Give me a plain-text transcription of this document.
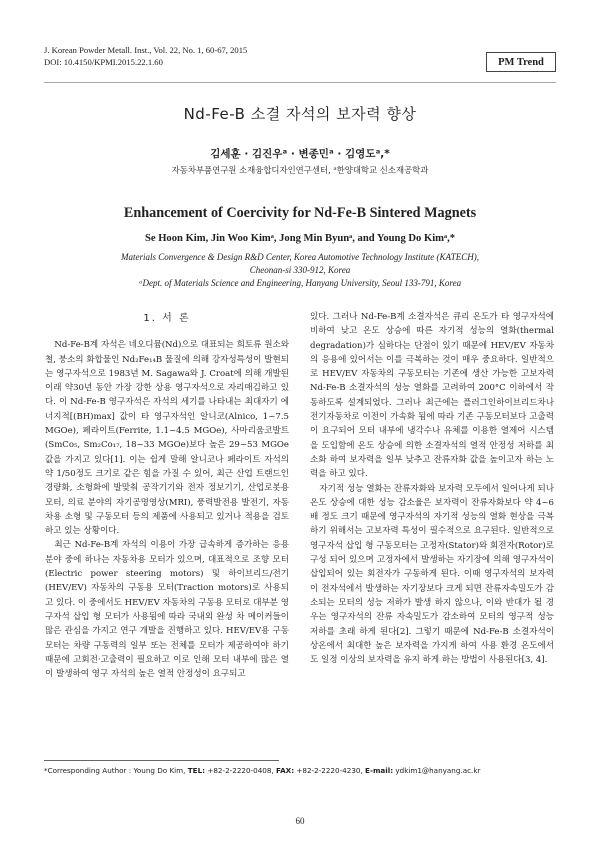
J. Korean Powder Metall. Inst., Vol. 22, No. 1, 60-67, 2015
DOI: 10.4150/KPMI.2015.22.1.60	PM Trend
Nd-Fe-B 소결 자석의 보자력 향상
김세훈 · 김진우ᵃ · 변종민ᵃ · 김영도ᵃ,*
자동차부품연구원 소재융합디자인연구센터, ᵃ한양대학교 신소재공학과
Enhancement of Coercivity for Nd-Fe-B Sintered Magnets
Se Hoon Kim, Jin Woo Kimᵃ, Jong Min Byunᵃ, and Young Do Kimᵃ,*
Materials Convergence & Design R&D Center, Korea Automotive Technology Institute (KATECH),
Cheonan-si 330-912, Korea
ᵃDept. of Materials Science and Engineering, Hanyang University, Seoul 133-791, Korea
1. 서 론

Nd-Fe-B계 자석은 네오디뮴(Nd)으로 대표되는 희토류 원소와 철, 붕소의 화합물인 Nd₂Fe₁₄B 물질에 의해 강자성특성이 발현되는 영구자석으로 1983년 M. Sagawa와 J. Croat에 의해 개발된 이래 약30년 동안 가장 강한 상용 영구자석으로 자리매김하고 있다. 이 Nd-Fe-B 영구자석은 자석의 세기를 나타내는 최대자기 에너지적[(BH)max] 값이 타 영구자석인 알니코(Alnico, 1~7.5 MGOe), 페라이트(Ferrite, 1.1~4.5 MGOe), 사마리움코발트(SmCo₅, Sm₂Co₁₇, 18~33 MGOe)보다 높은 29~53 MGOe 값을 가지고 있다[1]. 이는 쉽게 말해 알니코나 페라이트 자석의 약 1/50정도 크기로 같은 힘을 가질 수 있어, 최근 산업 트랜드인 경량화, 소형화에 발맞춰 공작기기와 전자 정보기기, 산업로봇용 모터, 의료 분야의 자기공명영상(MRI), 풍력발전용 발전기, 자동차용 소형 및 구동모터 등의 제품에 사용되고 있거나 적용을 검토하고 있는 상황이다.

최근 Nd-Fe-B계 자석의 이용이 가장 급속하게 증가하는 응용분야 중에 하나는 자동차용 모터가 있으며, 대표적으로 조향 모터(Electric power steering motors) 및 하이브리드/전기(HEV/EV) 자동차의 구동용 모터(Traction motors)로 사용되고 있다. 이 중에서도 HEV/EV 자동차의 구동용 모터로 대부분 영구자석 삽입 형 모터가 사용됨에 따라 국내외 완성 차 메이커들이 많은 관심을 가지고 연구 개발을 진행하고 있다. HEV/EV용 구동모터는 차량 구동력의 일부 또는 전체를 모터가 제공하여야 하기 때문에 고회전·고출력이 필요하고 이로 인해 모터 내부에 많은 열이 발생하여 영구 자석의 높은 열적 안정성이 요구되고

있다. 그러나 Nd-Fe-B계 소결자석은 큐리 온도가 타 영구자석에 비하여 낮고 온도 상승에 따른 자기적 성능의 열화(thermal degradation)가 심하다는 단점이 있기 때문에 HEV/EV 자동차의 응용에 있어서는 이를 극복하는 것이 매우 중요하다. 일반적으로 HEV/EV 자동차의 구동모터는 기존에 생산 가능한 고보자력 Nd-Fe-B 소결자석의 성능 열화를 고려하여 200°C 이하에서 작동하도록 설계되었다. 그러나 최근에는 플러그인하이브리드차나 전기자동차로 이전이 가속화 됨에 따라 기존 구동모터보다 고출력이 요구되어 모터 내부에 냉각수나 유체를 이용한 열제어 시스템을 도입함에 온도 상승에 의한 소결자석의 열적 안정성 저하를 최소화 하여 보자력을 일부 낮추고 잔류자화 값을 높이고자 하는 노력을 하고 있다.

자기적 성능 열화는 잔류자화와 보자력 모두에서 일어나게 되나 온도 상승에 대한 성능 감소율은 보자력이 잔류자화보다 약 4~6배 정도 크기 때문에 영구자석의 자기적 성능의 열화 현상을 극복하기 위해서는 고보자력 특성이 필수적으로 요구된다. 일반적으로 영구자석 삽입 형 구동모터는 고정자(Stator)와 회전자(Rotor)로 구성 되어 있으며 고정자에서 발생하는 자기장에 의해 영구자석이 삽입되어 있는 회전자가 구동하게 된다. 이때 영구자석의 보자력이 전자석에서 발생하는 자기장보다 크게 되면 잔류자속밀도가 감소되는 모터의 성능 저하가 발생 하지 않으나, 이와 반대가 될 경우는 영구자석의 잔류 자속밀도가 감소하여 모터의 영구적 성능 저하를 초래 하게 된다[2]. 그렇기 때문에 Nd-Fe-B 소결자석이 상온에서 최대한 높은 보자력을 가지게 하여 사용 환경 온도에서도 일정 이상의 보자력을 유지 하게 하는 방법이 사용된다[3, 4].

*Corresponding Author : Young Do Kim, TEL: +82-2-2220-0408, FAX: +82-2-2220-4230, E-mail: ydkim1@hanyang.ac.kr
60
